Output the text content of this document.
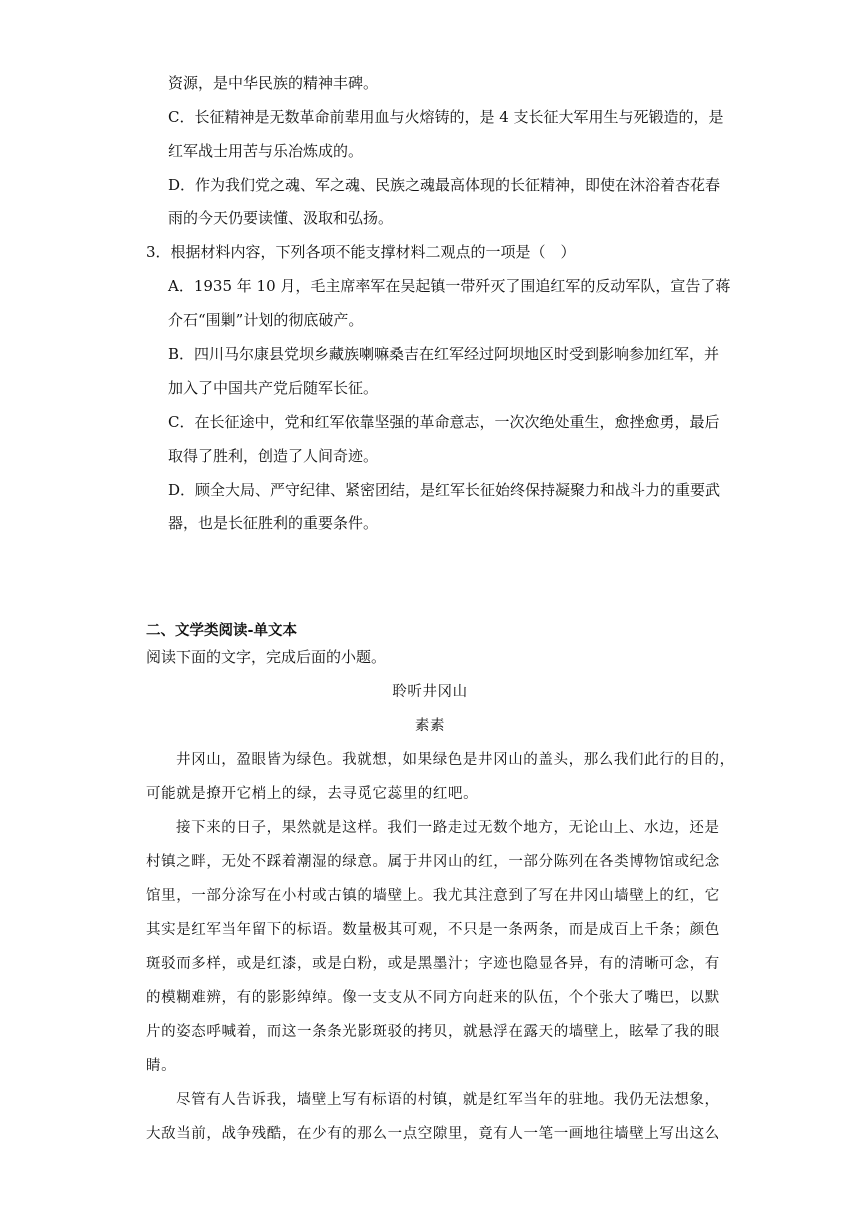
资源，是中华民族的精神丰碑。
C．长征精神是无数革命前辈用血与火熔铸的，是 4 支长征大军用生与死锻造的，是
红军战士用苦与乐冶炼成的。
D．作为我们党之魂、军之魂、民族之魂最高体现的长征精神，即使在沐浴着杏花春
雨的今天仍要读懂、汲取和弘扬。
3．根据材料内容，下列各项不能支撑材料二观点的一项是（　）
A．1935 年 10 月，毛主席率军在吴起镇一带歼灭了围追红军的反动军队，宣告了蒋
介石“围剿”计划的彻底破产。
B．四川马尔康县党坝乡藏族喇嘛桑吉在红军经过阿坝地区时受到影响参加红军，并
加入了中国共产党后随军长征。
C．在长征途中，党和红军依靠坚强的革命意志，一次次绝处重生，愈挫愈勇，最后
取得了胜利，创造了人间奇迹。
D．顾全大局、严守纪律、紧密团结，是红军长征始终保持凝聚力和战斗力的重要武
器，也是长征胜利的重要条件。
二、文学类阅读-单文本
阅读下面的文字，完成后面的小题。
聆听井冈山
素素
井冈山，盈眼皆为绿色。我就想，如果绿色是井冈山的盖头，那么我们此行的目的，
可能就是撩开它梢上的绿，去寻觅它蕊里的红吧。
接下来的日子，果然就是这样。我们一路走过无数个地方，无论山上、水边，还是
村镇之畔，无处不踩着潮湿的绿意。属于井冈山的红，一部分陈列在各类博物馆或纪念
馆里，一部分涂写在小村或古镇的墙壁上。我尤其注意到了写在井冈山墙壁上的红，它
其实是红军当年留下的标语。数量极其可观，不只是一条两条，而是成百上千条；颜色
斑驳而多样，或是红漆，或是白粉，或是黑墨汁；字迹也隐显各异，有的清晰可念，有
的模糊难辨，有的影影绰绰。像一支支从不同方向赶来的队伍，个个张大了嘴巴，以默
片的姿态呼喊着，而这一条条光影斑驳的拷贝，就悬浮在露天的墙壁上，眩晕了我的眼
睛。
尽管有人告诉我，墙壁上写有标语的村镇，就是红军当年的驻地。我仍无法想象，
大敌当前，战争残酷，在少有的那么一点空隙里，竟有人一笔一画地往墙壁上写出这么
